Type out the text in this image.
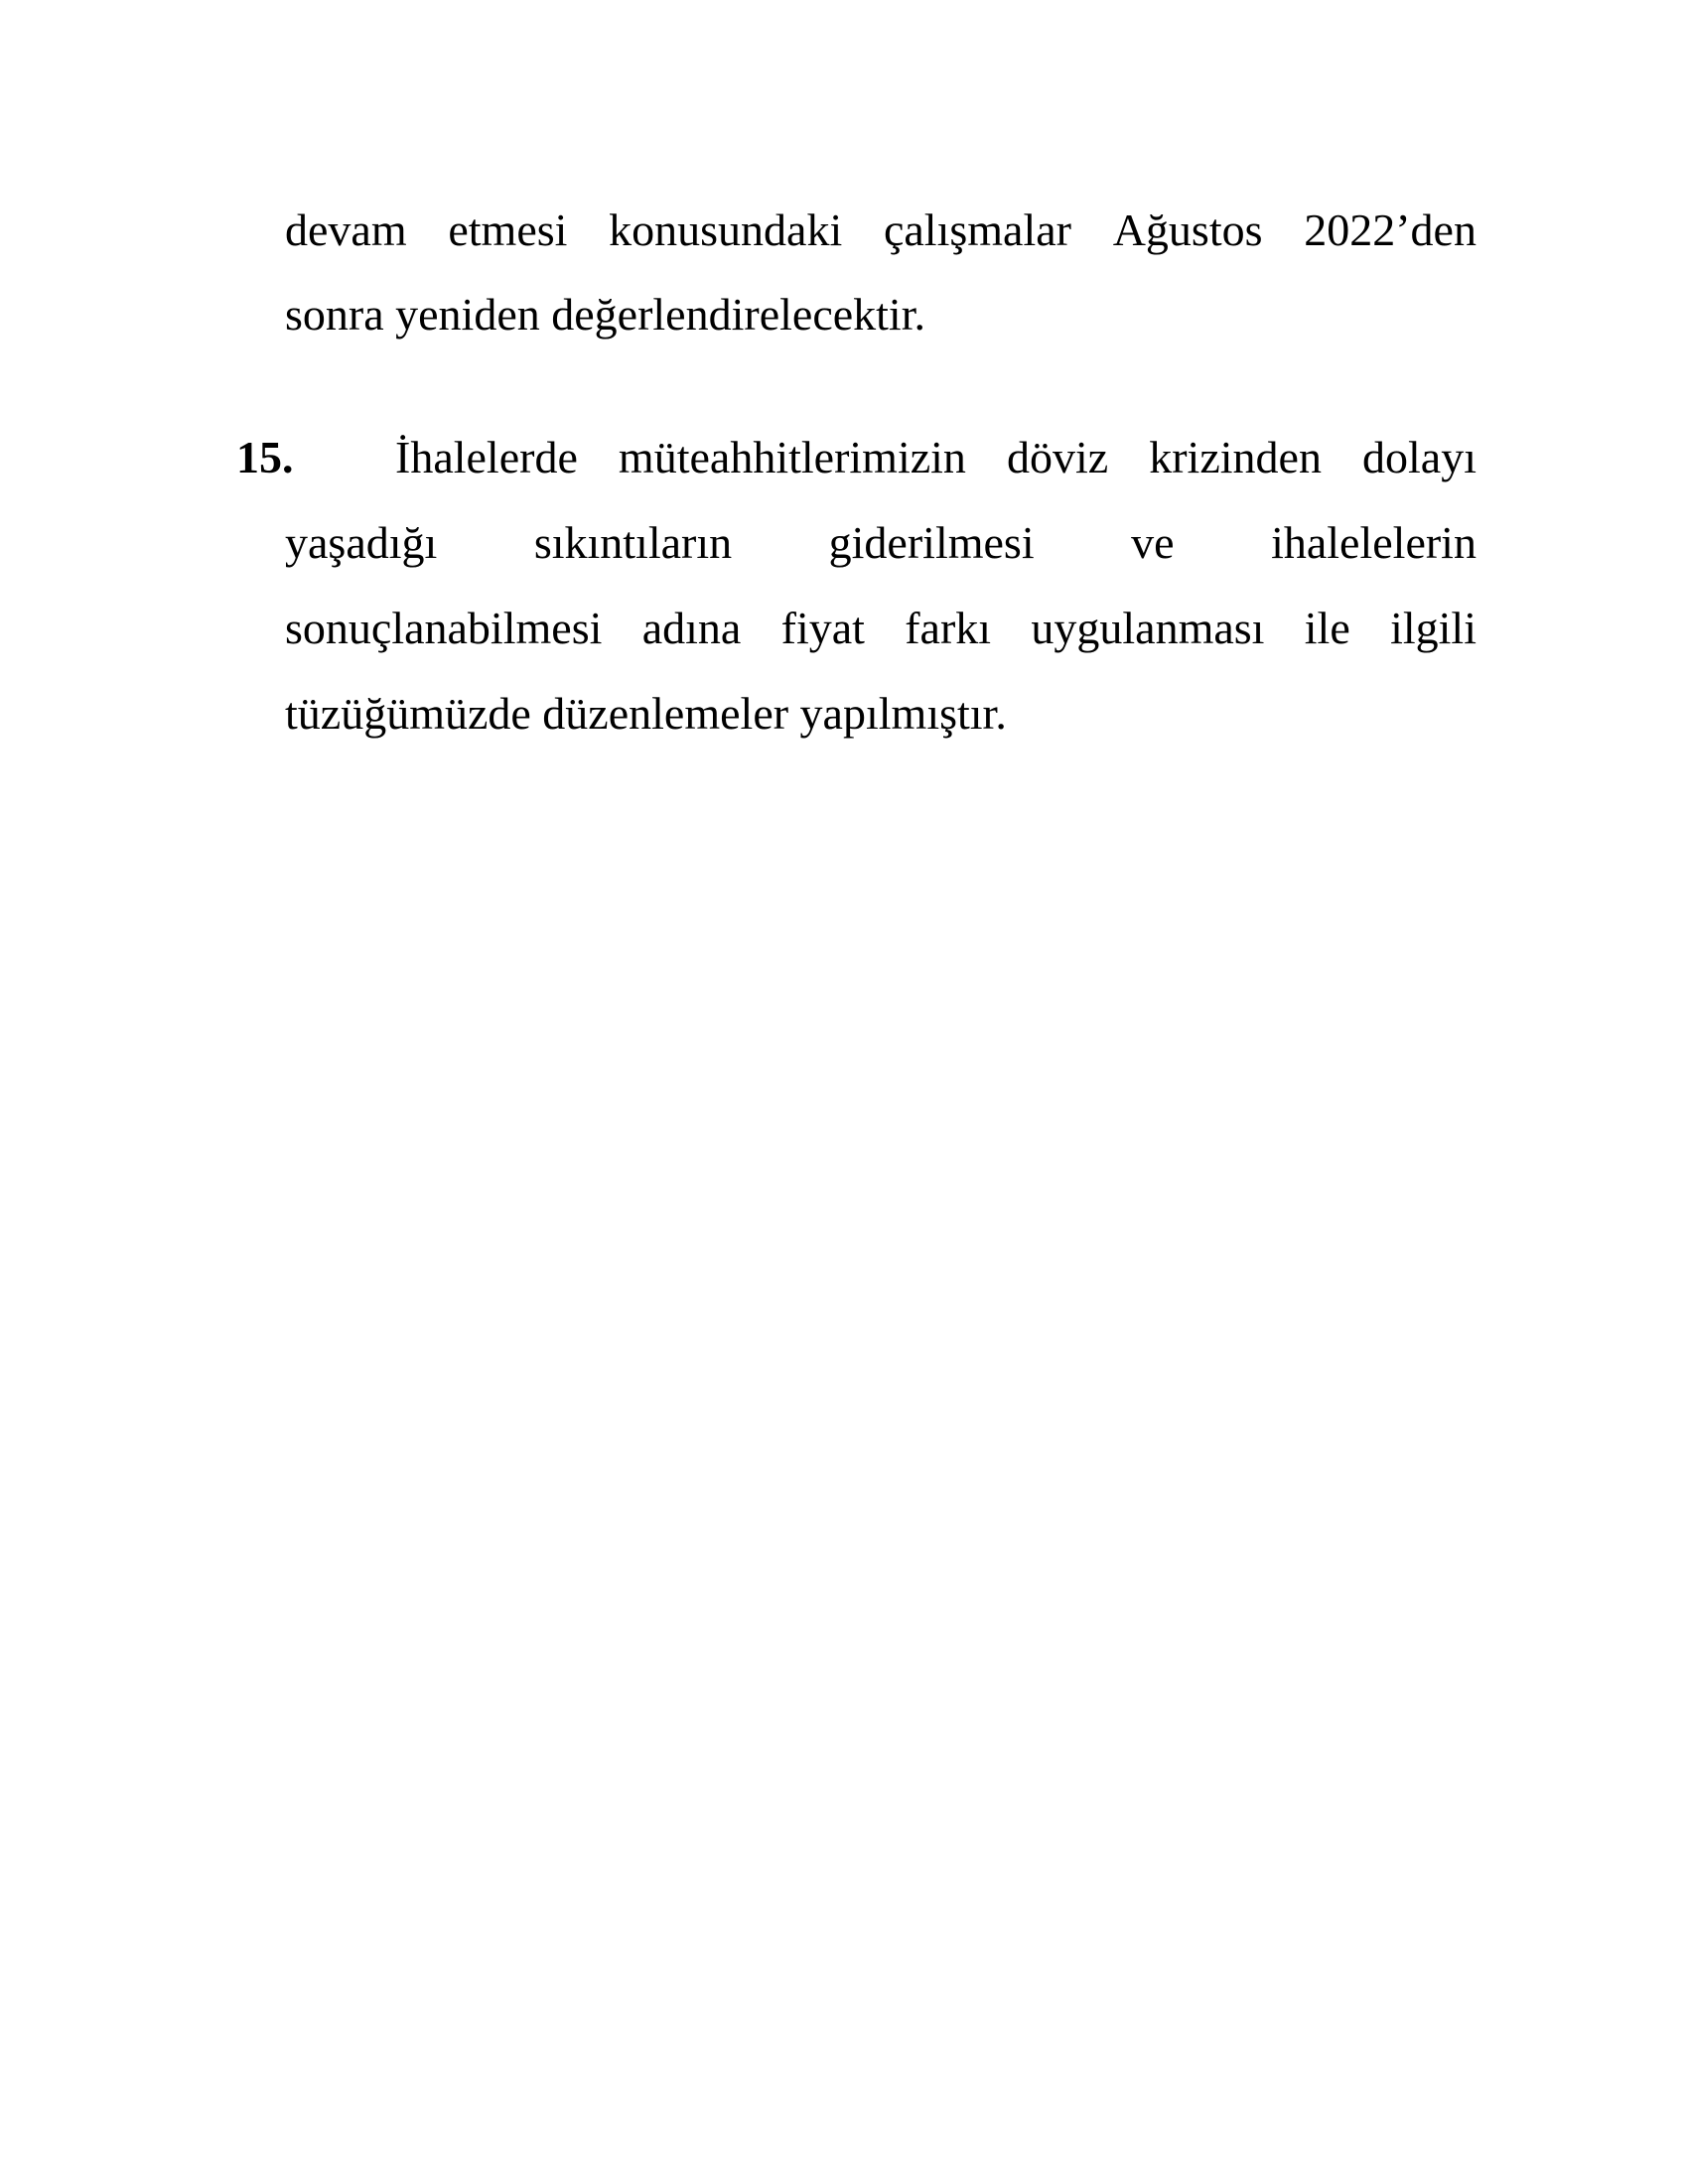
devam etmesi konusundaki çalışmalar Ağustos 2022’den
sonra yeniden değerlendirelecektir.
15. İhalelerde müteahhitlerimizin döviz krizinden dolayı
yaşadığı sıkıntıların giderilmesi ve ihalelelerin
sonuçlanabilmesi adına fiyat farkı uygulanması ile ilgili
tüzüğümüzde düzenlemeler yapılmıştır.
